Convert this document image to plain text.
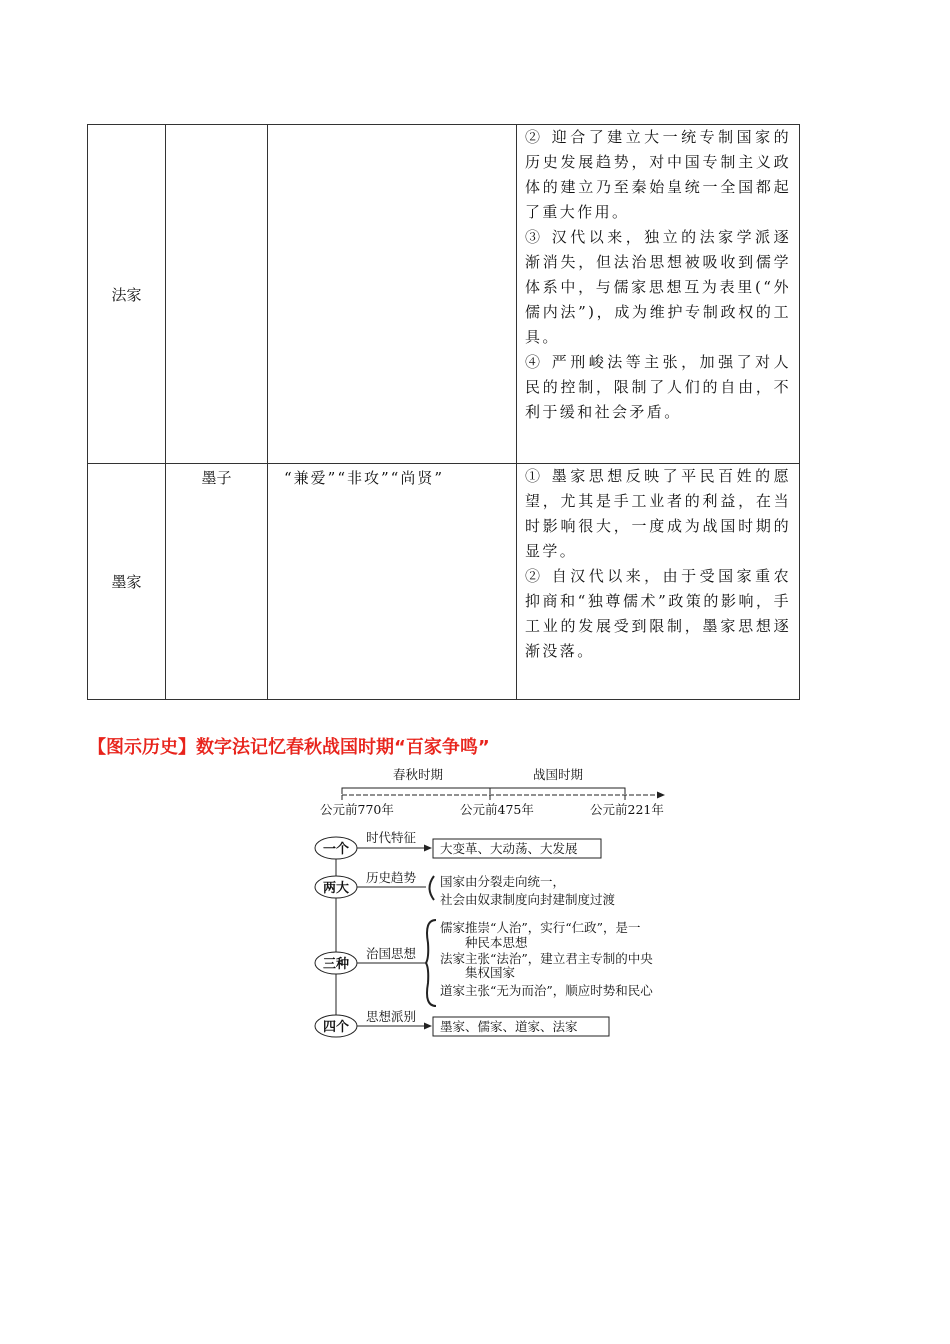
法家			② 迎合了建立大一统专制国家的历史发展趋势，对中国专制主义政体的建立乃至秦始皇统一全国都起了重大作用。

③ 汉代以来，独立的法家学派逐渐消失，但法治思想被吸收到儒学体系中，与儒家思想互为表里(“外儒内法”)，成为维护专制政权的工具。

④ 严刑峻法等主张，加强了对人民的控制，限制了人们的自由，不利于缓和社会矛盾。

墨家	墨子	“兼爱”“非攻”“尚贤”	① 墨家思想反映了平民百姓的愿望，尤其是手工业者的利益，在当时影响很大，一度成为战国时期的显学。

② 自汉代以来，由于受国家重农抑商和“独尊儒术”政策的影响，手工业的发展受到限制，墨家思想逐渐没落。

【图示历史】数字法记忆春秋战国时期“百家争鸣”
春秋时期	战国时期
公元前770年	公元前475年	公元前221年
一个
时代特征
大变革、大动荡、大发展
两大
历史趋势 国家由分裂走向统一，
社会由奴隶制度向封建制度过渡
三种
治国思想
儒家推崇“人治”，实行“仁政”，是一
种民本思想
法家主张“法治”，建立君主专制的中央
集权国家
道家主张“无为而治”，顺应时势和民心
四个
思想派别
墨家、儒家、道家、法家
